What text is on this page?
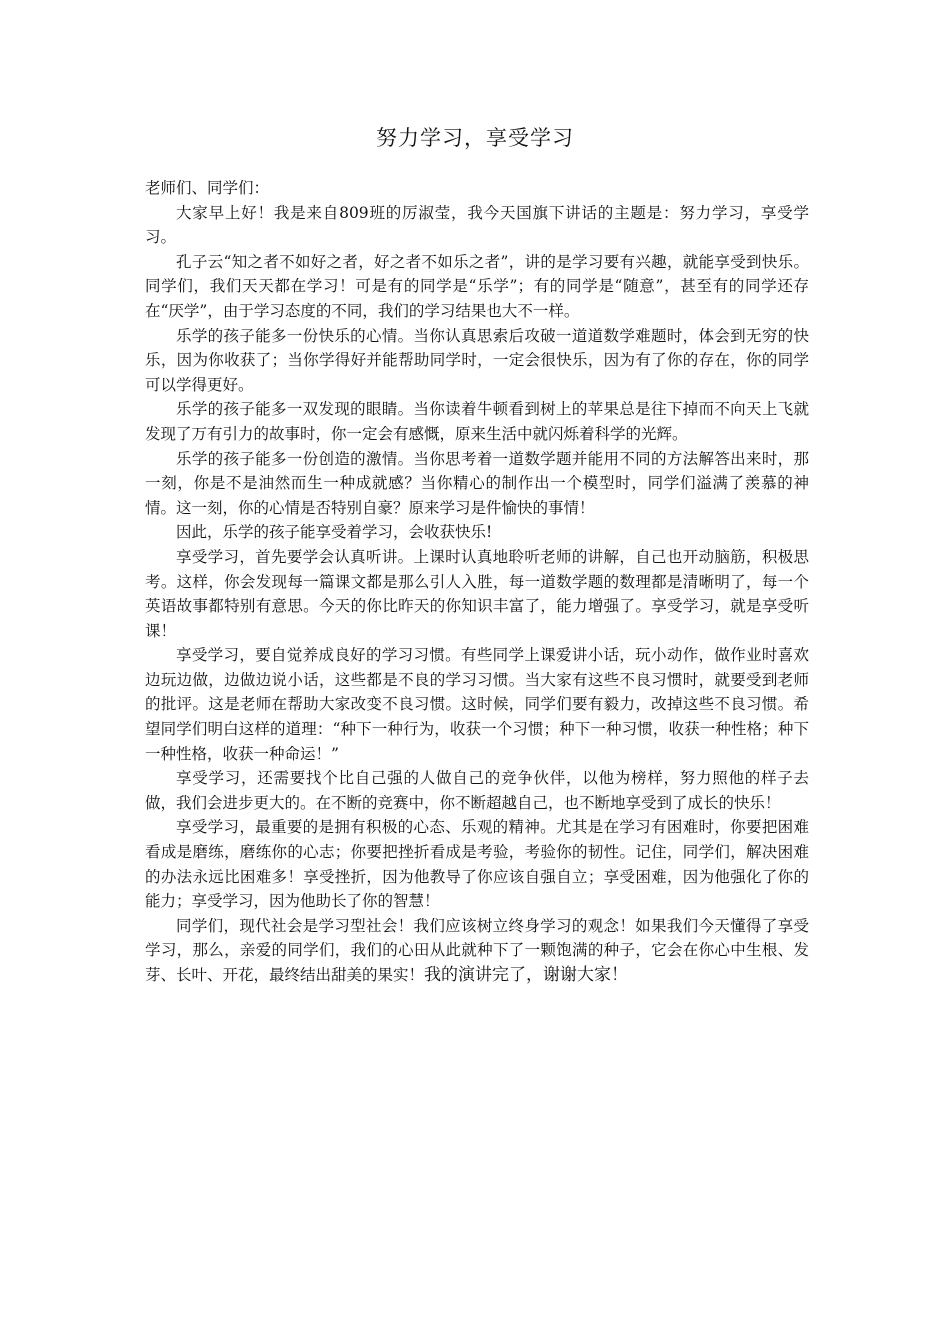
努力学习，享受学习

老师们、同学们：

大家早上好！我是来自809班的厉淑莹，我今天国旗下讲话的主题是：努力学习，享受学习。

孔子云“知之者不如好之者，好之者不如乐之者”，讲的是学习要有兴趣，就能享受到快乐。同学们，我们天天都在学习！可是有的同学是“乐学”；有的同学是“随意”，甚至有的同学还存在“厌学”，由于学习态度的不同，我们的学习结果也大不一样。

乐学的孩子能多一份快乐的心情。当你认真思索后攻破一道道数学难题时，体会到无穷的快乐，因为你收获了；当你学得好并能帮助同学时，一定会很快乐，因为有了你的存在，你的同学可以学得更好。

乐学的孩子能多一双发现的眼睛。当你读着牛顿看到树上的苹果总是往下掉而不向天上飞就发现了万有引力的故事时，你一定会有感慨，原来生活中就闪烁着科学的光辉。

乐学的孩子能多一份创造的激情。当你思考着一道数学题并能用不同的方法解答出来时，那一刻，你是不是油然而生一种成就感？当你精心的制作出一个模型时，同学们溢满了羡慕的神情。这一刻，你的心情是否特别自豪？原来学习是件愉快的事情！

因此，乐学的孩子能享受着学习，会收获快乐!

享受学习，首先要学会认真听讲。上课时认真地聆听老师的讲解，自己也开动脑筋，积极思考。这样，你会发现每一篇课文都是那么引人入胜，每一道数学题的数理都是清晰明了，每一个英语故事都特别有意思。今天的你比昨天的你知识丰富了，能力增强了。享受学习，就是享受听课！

享受学习，要自觉养成良好的学习习惯。有些同学上课爱讲小话，玩小动作，做作业时喜欢边玩边做，边做边说小话，这些都是不良的学习习惯。当大家有这些不良习惯时，就要受到老师的批评。这是老师在帮助大家改变不良习惯。这时候，同学们要有毅力，改掉这些不良习惯。希望同学们明白这样的道理：“种下一种行为，收获一个习惯；种下一种习惯，收获一种性格；种下一种性格，收获一种命运！”

享受学习，还需要找个比自己强的人做自己的竞争伙伴，以他为榜样，努力照他的样子去做，我们会进步更大的。在不断的竞赛中，你不断超越自己，也不断地享受到了成长的快乐！

享受学习，最重要的是拥有积极的心态、乐观的精神。尤其是在学习有困难时，你要把困难看成是磨练，磨练你的心志；你要把挫折看成是考验，考验你的韧性。记住，同学们，解决困难的办法永远比困难多！享受挫折，因为他教导了你应该自强自立；享受困难，因为他强化了你的能力；享受学习，因为他助长了你的智慧！

同学们，现代社会是学习型社会！我们应该树立终身学习的观念！如果我们今天懂得了享受学习，那么，亲爱的同学们，我们的心田从此就种下了一颗饱满的种子，它会在你心中生根、发芽、长叶、开花，最终结出甜美的果实！我的演讲完了，谢谢大家！
